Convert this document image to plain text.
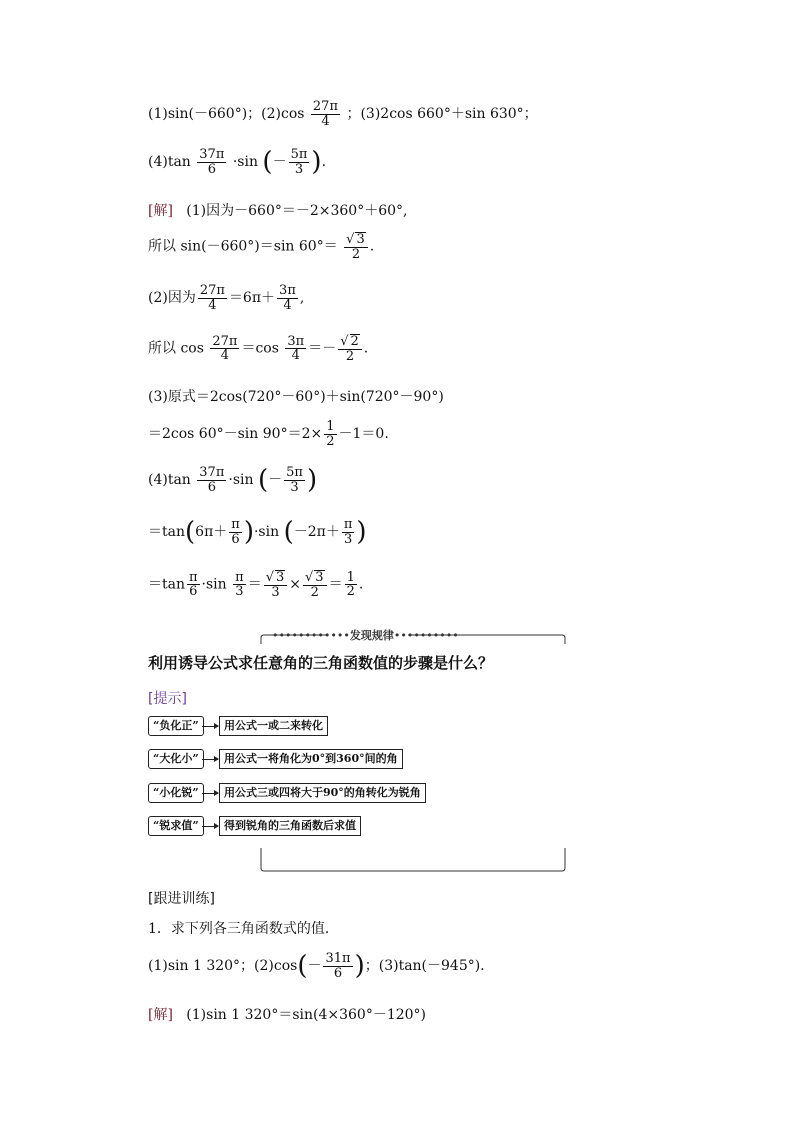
(1)sin(－660°)；$(2)\cos \frac{27\pi}{4}$ ；(3)2cos 660°＋sin 630°；
$(4)\tan \frac{37\pi}{6} \cdot\sin$ (－ $\frac{5\pi}{3}$ ).
[解] (1)因为－660°＝－2×360°＋60°,
所以 sin(－660°)＝sin $60^\circ= \frac{√ 3}{2}$ .
(2)因为 $\frac{27\pi}{4} =6\pi+ \frac{3\pi}{4}$ ,
所以 $\cos \frac{27\pi}{4} =\cos \frac{3\pi}{4} =- \frac{√ 2}{2}$ .
(3)原式＝2cos(720°－60°)＋sin(720°－90°)
＝2cos 60°－sin $90^\circ=2\times \frac{1}{2} -1=0$.
$(4)\tan \frac{37\pi}{6} \cdot\sin$ (－ $\frac{5\pi}{3}$ )
$=\tan(6\pi+ \frac{\pi}{6} )\cdot\sin$ ($-2\pi+ \frac{\pi}{3}$ )
$=\tan \frac{\pi}{6} \cdot\sin \frac{\pi}{3} = \frac{√ 3}{3} \times \frac{√ 3}{2} = \frac{1}{2}$ .
••••••••••••发现规律••••••••••
利用诱导公式求任意角的三角函数值的步骤是什么？
[提示]
“负化正”	用公式一或二来转化
“大化小”	用公式一将角化为0°到360°间的角
“小化锐”	用公式三或四将大于90°的角转化为锐角
“锐求值”	得到锐角的三角函数后求值
[跟进训练]
1．求下列各三角函数式的值．
(1)sin 1 320°；$(2)\cos(- \frac{31\pi}{6}$ )；(3)tan(－945°)．
[解] (1)sin 1 320°＝sin(4×360°－120°)
